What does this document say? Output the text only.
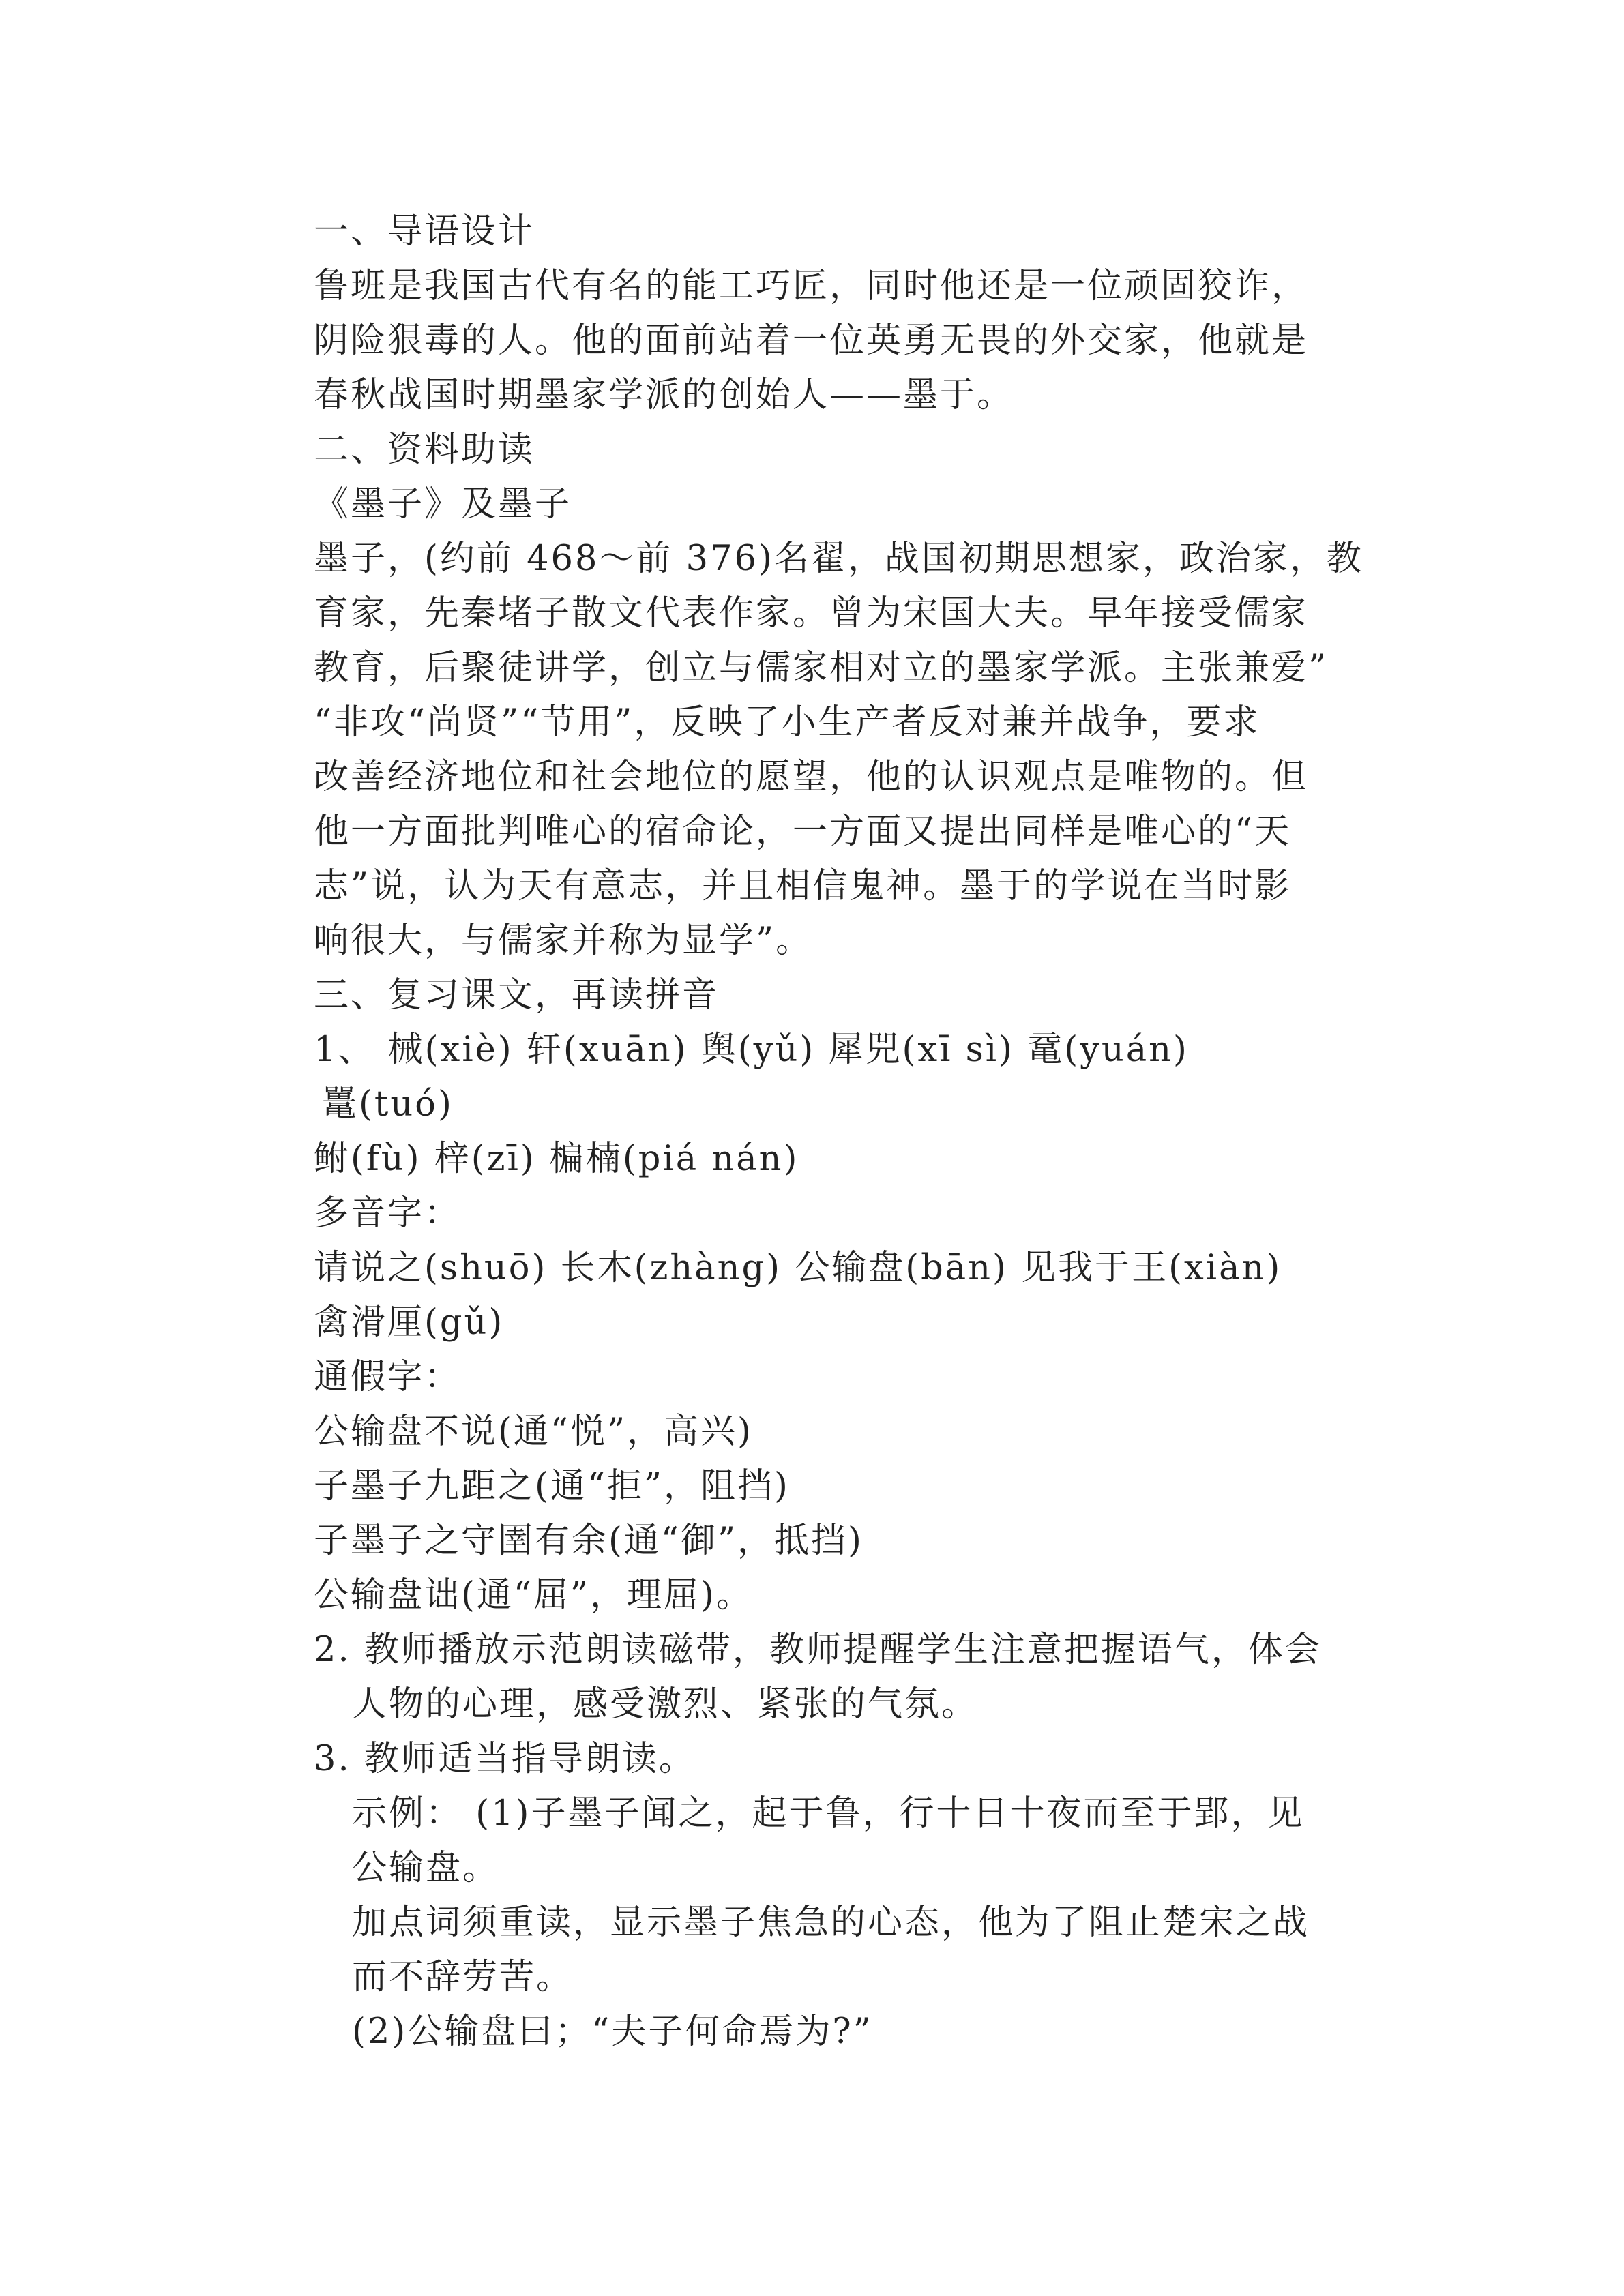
一、导语设计

鲁班是我国古代有名的能工巧匠，同时他还是一位顽固狡诈，

阴险狠毒的人。他的面前站着一位英勇无畏的外交家，他就是

春秋战国时期墨家学派的创始人——墨于。

二、资料助读

《墨子》及墨子

墨子，(约前 468～前 376)名翟，战国初期思想家，政治家，教

育家，先秦堵子散文代表作家。曾为宋国大夫。早年接受儒家

教育，后聚徒讲学，创立与儒家相对立的墨家学派。主张兼爱”

“非攻“尚贤”“节用”，反映了小生产者反对兼并战争，要求

改善经济地位和社会地位的愿望，他的认识观点是唯物的。但

他一方面批判唯心的宿命论，一方面又提出同样是唯心的“天

志”说，认为天有意志，并且相信鬼神。墨于的学说在当时影

响很大，与儒家并称为显学”。

三、复习课文，再读拼音

1、 械(xiè) 轩(xuān) 舆(yǔ) 犀兕(xī sì) 鼋(yuán)

鼍(tuó)

鲋(fù) 梓(zī) 楄楠(piá nán)

多音字：

请说之(shuō) 长木(zhàng) 公输盘(bān) 见我于王(xiàn)

禽滑厘(gǔ)

通假字：

公输盘不说(通“悦”，高兴)

子墨子九距之(通“拒”，阻挡)

子墨子之守圉有余(通“御”，抵挡)

公输盘诎(通“屈”，理屈)。

2. 教师播放示范朗读磁带，教师提醒学生注意把握语气，体会

人物的心理，感受激烈、紧张的气氛。

3. 教师适当指导朗读。

示例： (1)子墨子闻之，起于鲁，行十日十夜而至于郢，见

公输盘。

加点词须重读，显示墨子焦急的心态，他为了阻止楚宋之战

而不辞劳苦。

(2)公输盘曰；“夫子何命焉为?”
